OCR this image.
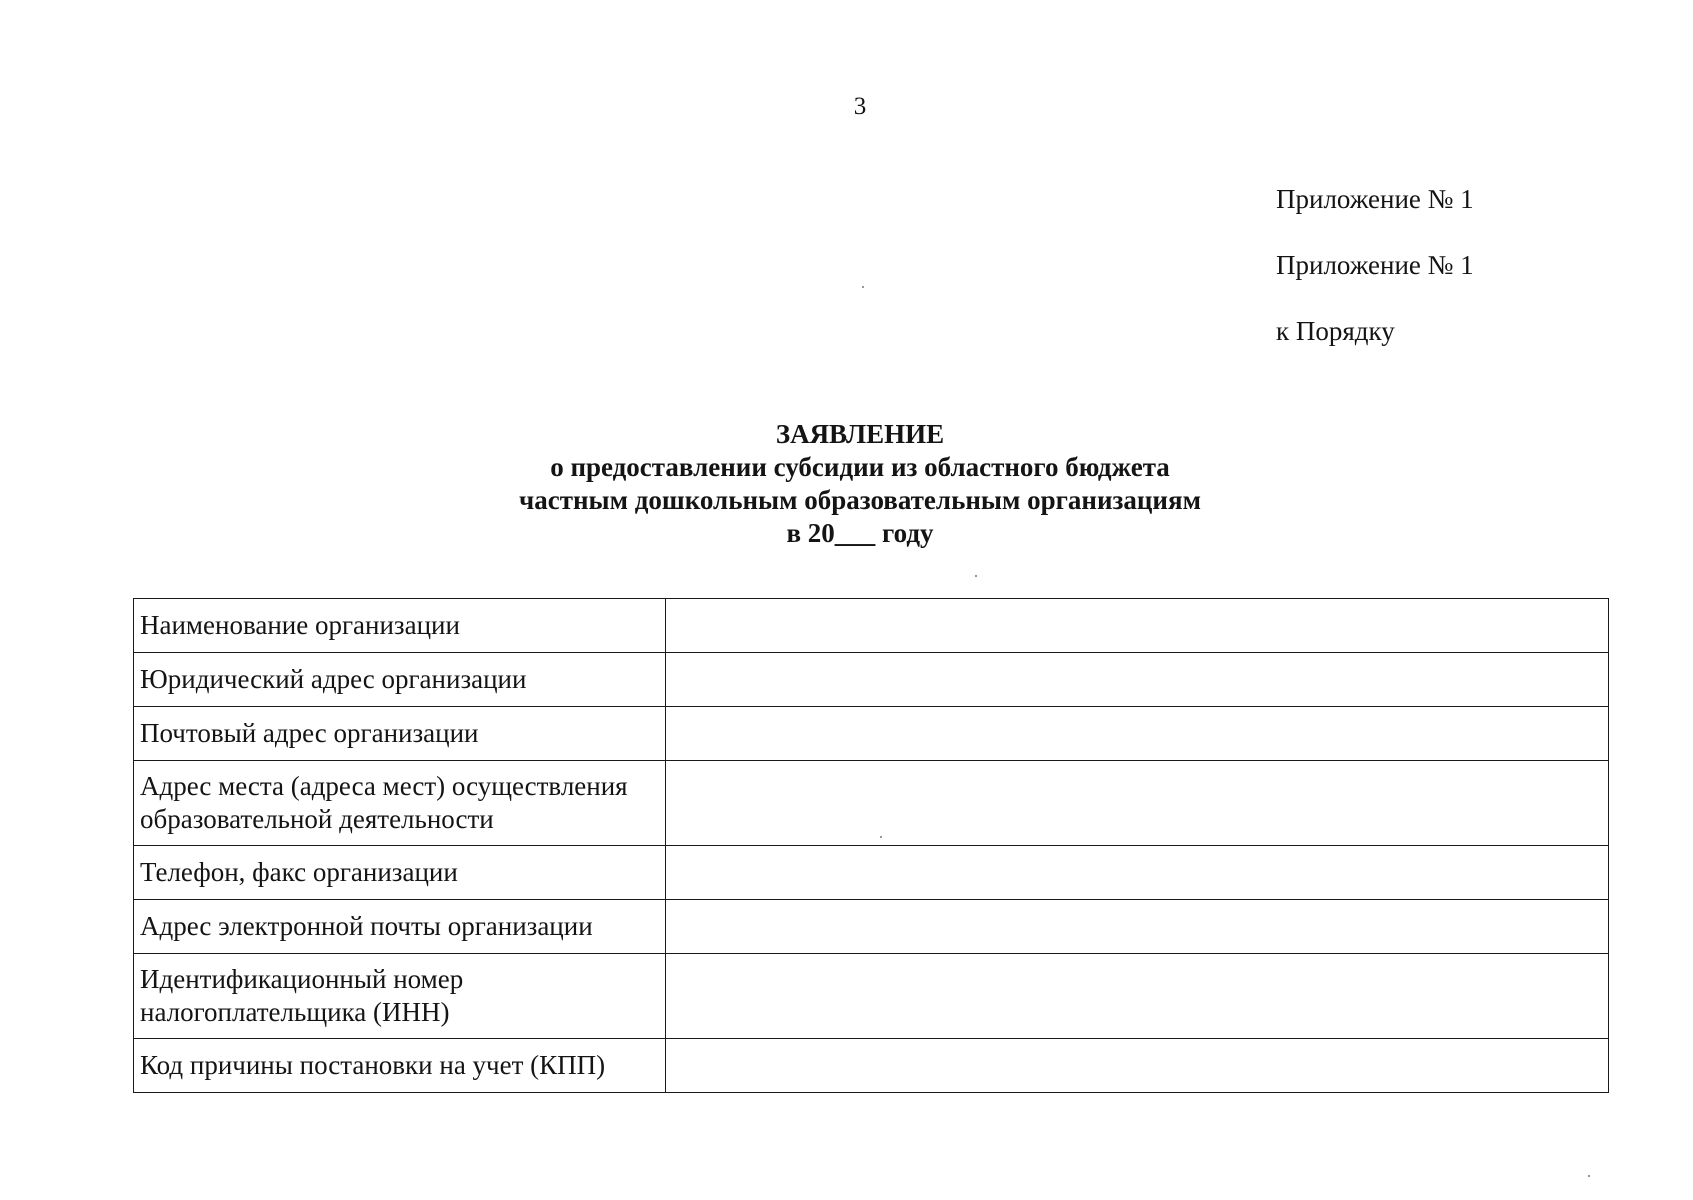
3
Приложение № 1
Приложение № 1
к Порядку
ЗАЯВЛЕНИЕ
о предоставлении субсидии из областного бюджета
частным дошкольным образовательным организациям
в 20___ году
Наименование организации	
Юридический адрес организации	
Почтовый адрес организации	
Адрес места (адреса мест) осуществления
образовательной деятельности	
Телефон, факс организации	
Адрес электронной почты организации	
Идентификационный номер
налогоплательщика (ИНН)	
Код причины постановки на учет (КПП)	
